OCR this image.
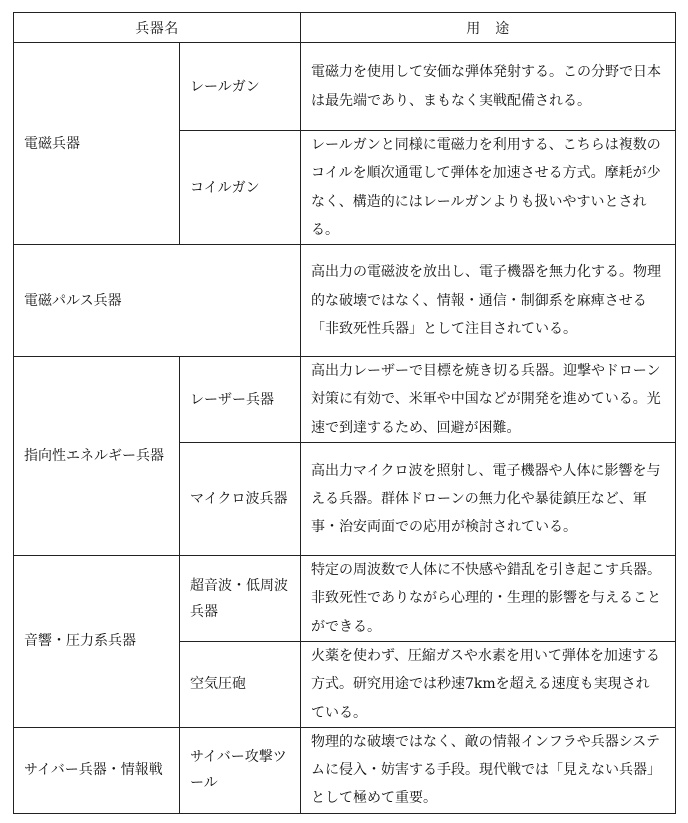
兵器名		用　途
電磁兵器	レールガン	電磁力を使用して安価な弾体発射する。この分野で日本は最先端であり、まもなく実戦配備される。
	コイルガン	レールガンと同様に電磁力を利用する、こちらは複数のコイルを順次通電して弾体を加速させる方式。摩耗が少なく、構造的にはレールガンよりも扱いやすいとされる。
電磁パルス兵器		高出力の電磁波を放出し、電子機器を無力化する。物理的な破壊ではなく、情報・通信・制御系を麻痺させる「非致死性兵器」として注目されている。
指向性エネルギー兵器	レーザー兵器	高出力レーザーで目標を焼き切る兵器。迎撃やドローン対策に有効で、米軍や中国などが開発を進めている。光速で到達するため、回避が困難。
	マイクロ波兵器	高出力マイクロ波を照射し、電子機器や人体に影響を与える兵器。群体ドローンの無力化や暴徒鎮圧など、軍事・治安両面での応用が検討されている。
音響・圧力系兵器	超音波・低周波兵器	特定の周波数で人体に不快感や錯乱を引き起こす兵器。非致死性でありながら心理的・生理的影響を与えることができる。
	空気圧砲	火薬を使わず、圧縮ガスや水素を用いて弾体を加速する方式。研究用途では秒速7kmを超える速度も実現されている。
サイバー兵器・情報戦	サイバー攻撃ツール	物理的な破壊ではなく、敵の情報インフラや兵器システムに侵入・妨害する手段。現代戦では「見えない兵器」として極めて重要。
